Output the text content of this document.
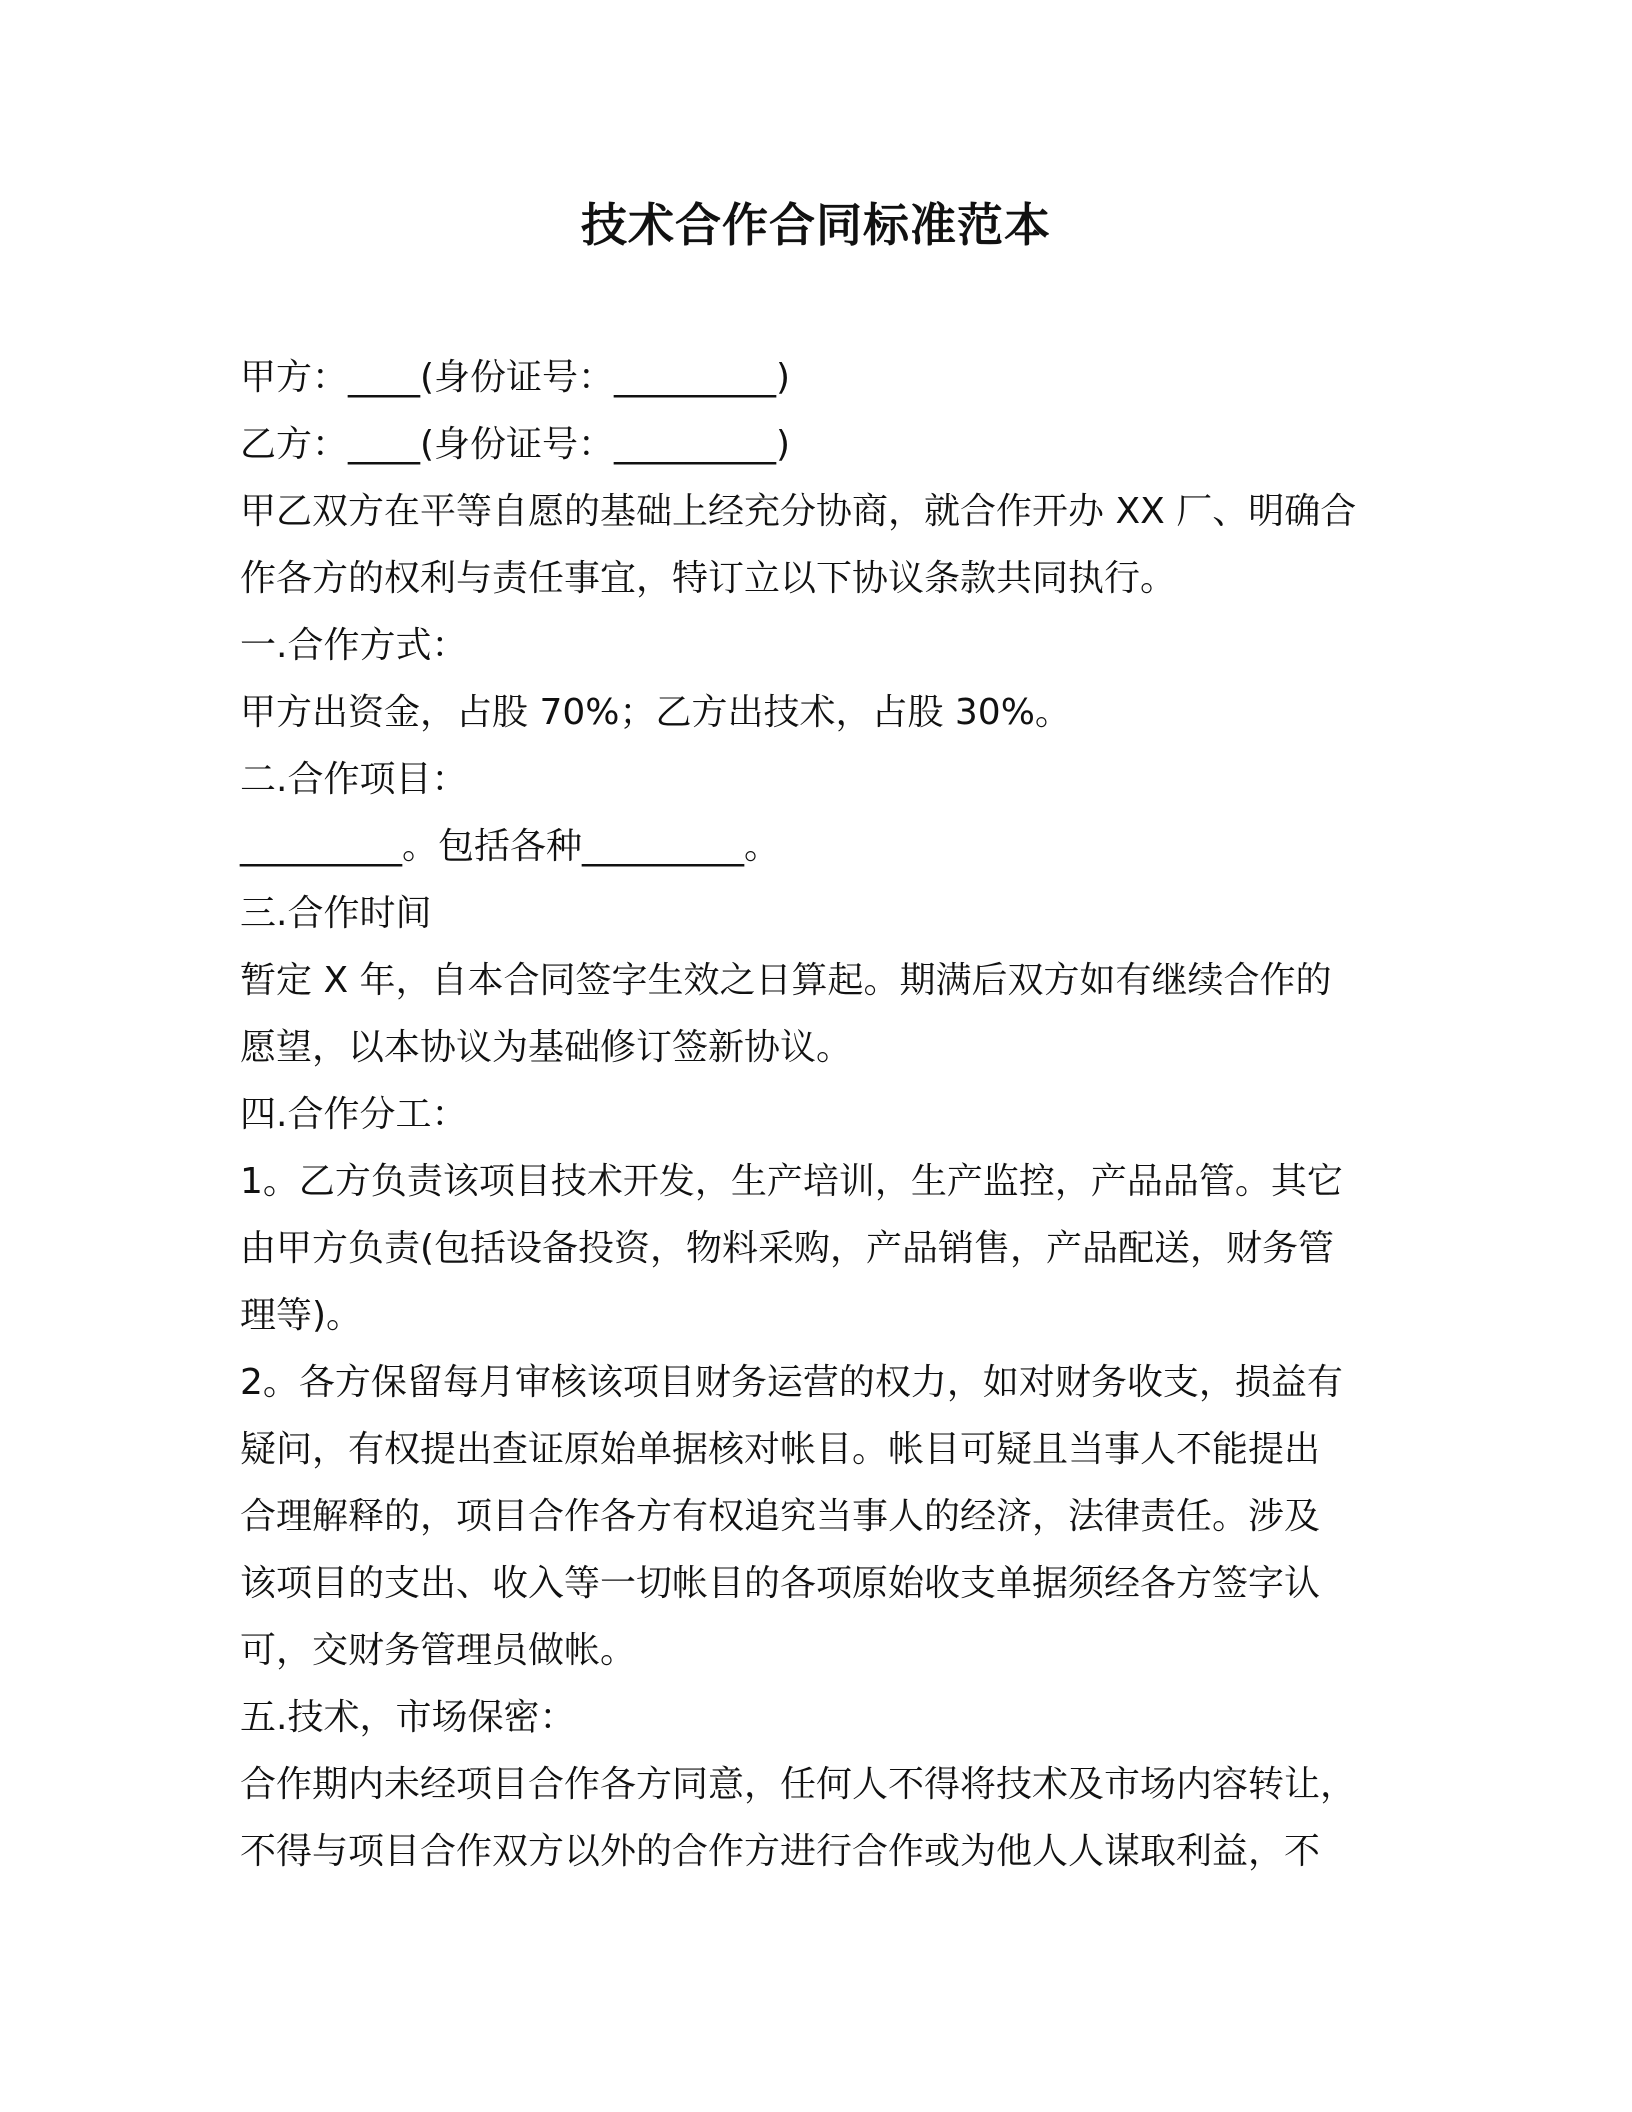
技术合作合同标准范本
甲方：____(身份证号：_________)
乙方：____(身份证号：_________)
甲乙双方在平等自愿的基础上经充分协商，就合作开办 XX 厂、明确合
作各方的权利与责任事宜，特订立以下协议条款共同执行。
一.合作方式：
甲方出资金，占股 70%；乙方出技术，占股 30%。
二.合作项目：
_________。包括各种_________。
三.合作时间
暂定 X 年，自本合同签字生效之日算起。期满后双方如有继续合作的
愿望，以本协议为基础修订签新协议。
四.合作分工：
1。乙方负责该项目技术开发，生产培训，生产监控，产品品管。其它
由甲方负责(包括设备投资，物料采购，产品销售，产品配送，财务管
理等)。
2。各方保留每月审核该项目财务运营的权力，如对财务收支，损益有
疑问，有权提出查证原始单据核对帐目。帐目可疑且当事人不能提出
合理解释的，项目合作各方有权追究当事人的经济，法律责任。涉及
该项目的支出、收入等一切帐目的各项原始收支单据须经各方签字认
可，交财务管理员做帐。
五.技术，市场保密：
合作期内未经项目合作各方同意，任何人不得将技术及市场内容转让，
不得与项目合作双方以外的合作方进行合作或为他人人谋取利益，不
